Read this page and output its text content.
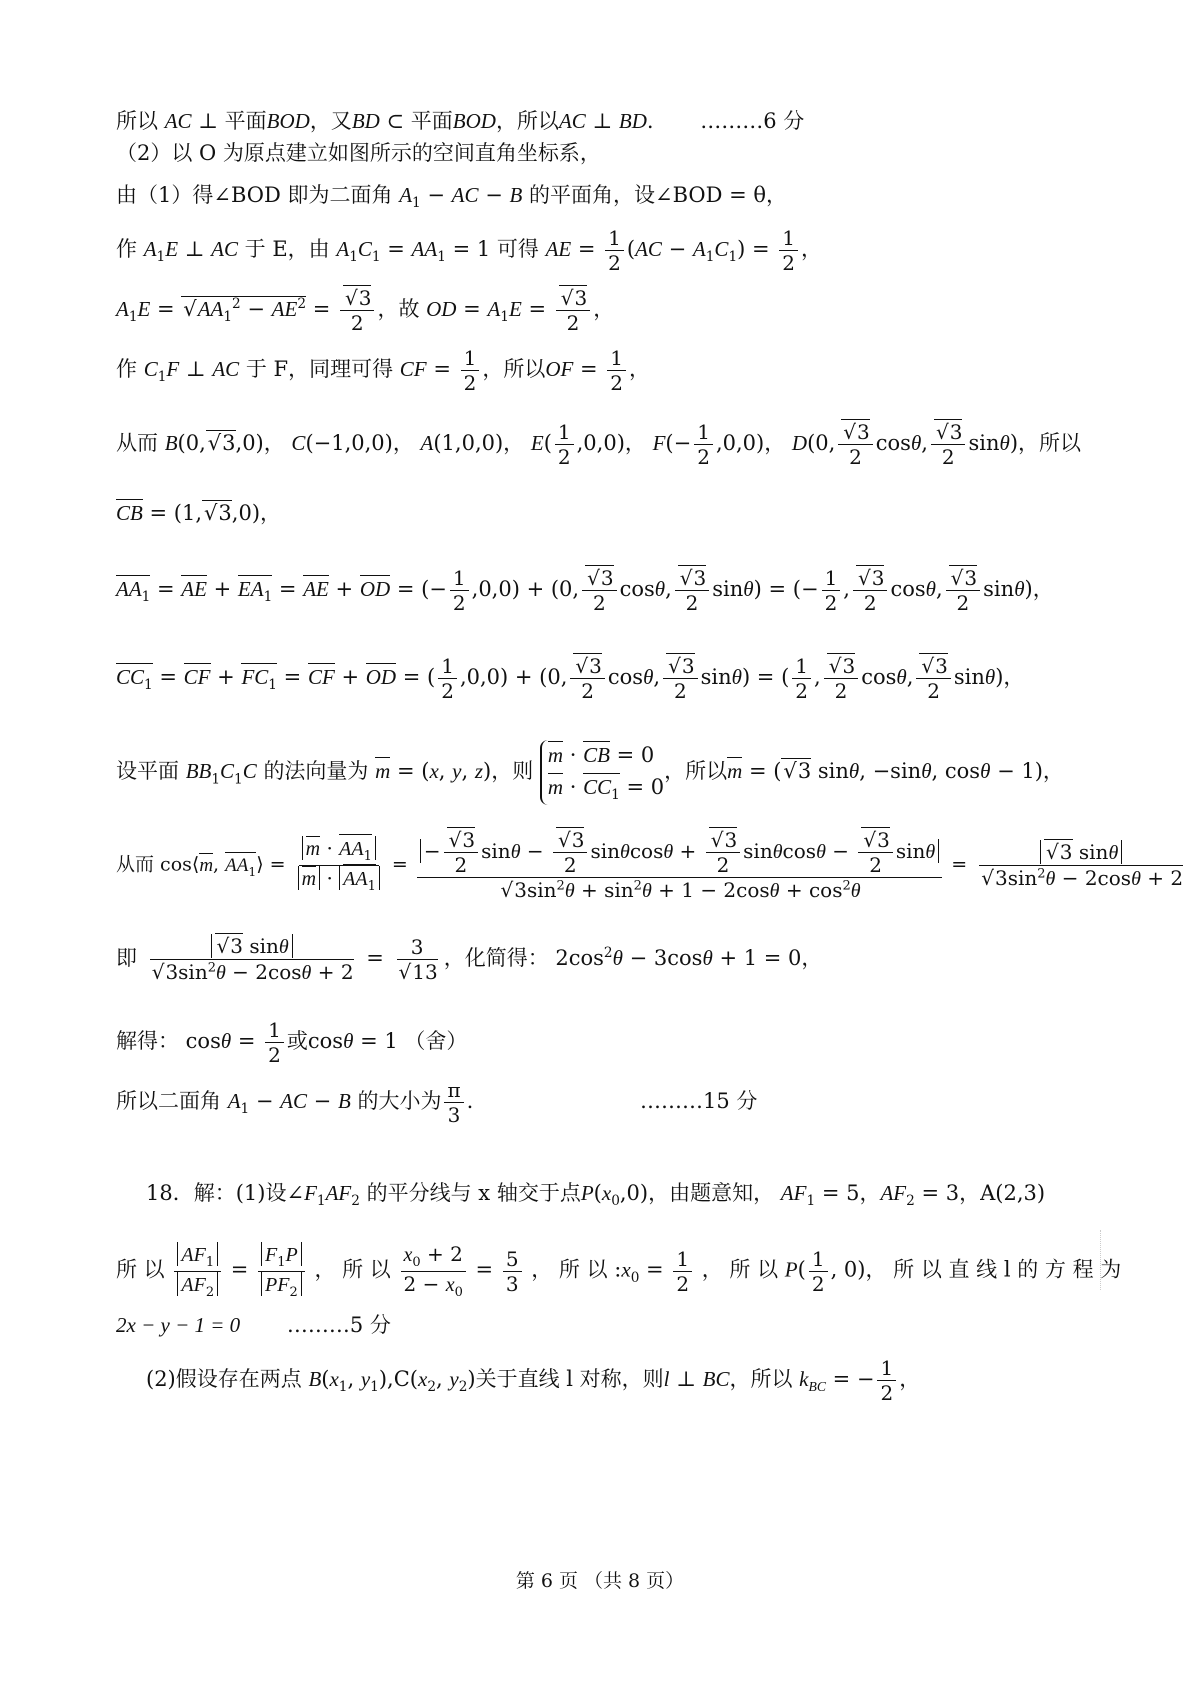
所以 AC ⊥ 平面BOD，又BD ⊂ 平面BOD，所以AC ⊥ BD. ………6 分
（2）以 O 为原点建立如图所示的空间直角坐标系，
由（1）得∠BOD 即为二面角 $A_1$ − AC − B 的平面角，设∠BOD = θ，
作 $A_1E$ ⊥ AC 于 E，由 $A_1C_1 = AA_1 = 1$ 可得 AE = $\frac{1}{2} (AC - A_1C_1) = \frac{1}{2}$ ，
$A_1E$ = √ $AA_1^2 - AE^2$ = √ $\frac{3}{2}$ ，故 OD = $A_1E$ = √ $\frac{3}{2}$ ，
作 $C_1F$ ⊥ AC 于 F，同理可得 CF = $\frac{1}{2}$ ，所以OF = $\frac{1}{2}$ ，
从而 B(0, √ 3,0)， C(−1,0,0)， A(1,0,0)， $E( \frac{1}{2} ,0,0)$， $F(- \frac{1}{2} ,0,0)$， D(0, √ $\frac{3}{2} \cos\theta$, √ $\frac{3}{2} \sin\theta$)，所以
CB = (1, √ 3,0)，
$AA_1$ = AE + $EA_1$ = AE + OD = (− $\frac{1}{2} ,0,0) + (0$, √ $\frac{3}{2} \cos\theta$, √ $\frac{3}{2} \sin\theta$) = (− $\frac{1}{2}$ , √ $\frac{3}{2} \cos\theta$, √ $\frac{3}{2} \sin\theta$)，
$CC_1$ = CF + $FC_1$ = CF + OD = ( $\frac{1}{2} ,0,0) + (0$, √ $\frac{3}{2} \cos\theta$, √ $\frac{3}{2} \sin\theta$) = ( $\frac{1}{2}$ , √ $\frac{3}{2} \cos\theta$, √ $\frac{3}{2} \sin\theta$)，
设平面 $BB_1C_1C$ 的法向量为 m = (x, y, z)，则
m · CB = 0
$m \cdot CC_1 = 0$
，所以m = ( √ 3 sinθ, −sinθ, cosθ − 1)，
从而 cos⟨m, $AA_1⟩ = \frac{m \cdot AA_1}{m \cdot AA_1}$ = − √ $\frac{3}{2}$ sinθ − √ $\frac{3}{2}$ sinθcosθ + √ $\frac{3}{2}$ sinθcosθ − √ $\frac{3}{2}$ sinθ
√ $3\sin^2\theta + \sin^2\theta + 1 - 2\cos\theta + \cos^2\theta$ = √ 3 sinθ
√ $3\sin^2\theta - 2\cos\theta + 2$
即 √ 3 sinθ
√ $3\sin^2\theta - 2\cos\theta + 2 = 3$
√ 13 ，化简得： $2\cos^2\theta - 3\cos\theta + 1 = 0$，
解得： $\cos\theta = \frac{1}{2}$ 或cosθ = 1 （舍）
所以二面角 $A_1$ − AC − B 的大小为 $\frac{\pi}{3}$ .	………15 分
18．解：(1)设$\angle F_1AF_2$ 的平分线与 x 轴交于点$P(x_0,0)$，由题意知， $AF_1 = 5$，$AF_2 = 3$，A(2,3)
所 以 $\frac{AF_1}{AF_2} = \frac{F_1P}{PF_2}$ ， 所 以 $\frac{x_0 + 2}{2 - x_0} = \frac{5}{3}$ ， 所 以 $:x_0 = \frac{1}{2}$ ， 所 以 $P( \frac{1}{2}$ , 0)， 所 以 直 线 l 的 方 程 为
2x − y − 1 = 0 ………5 分
(2)假设存在两点 $B(x_1$, $y_1),C(x_2$, $y_2$)关于直线 l 对称，则l ⊥ BC，所以 $k_{BC}$ = − $\frac{1}{2}$ ，
第 6 页 （共 8 页）
